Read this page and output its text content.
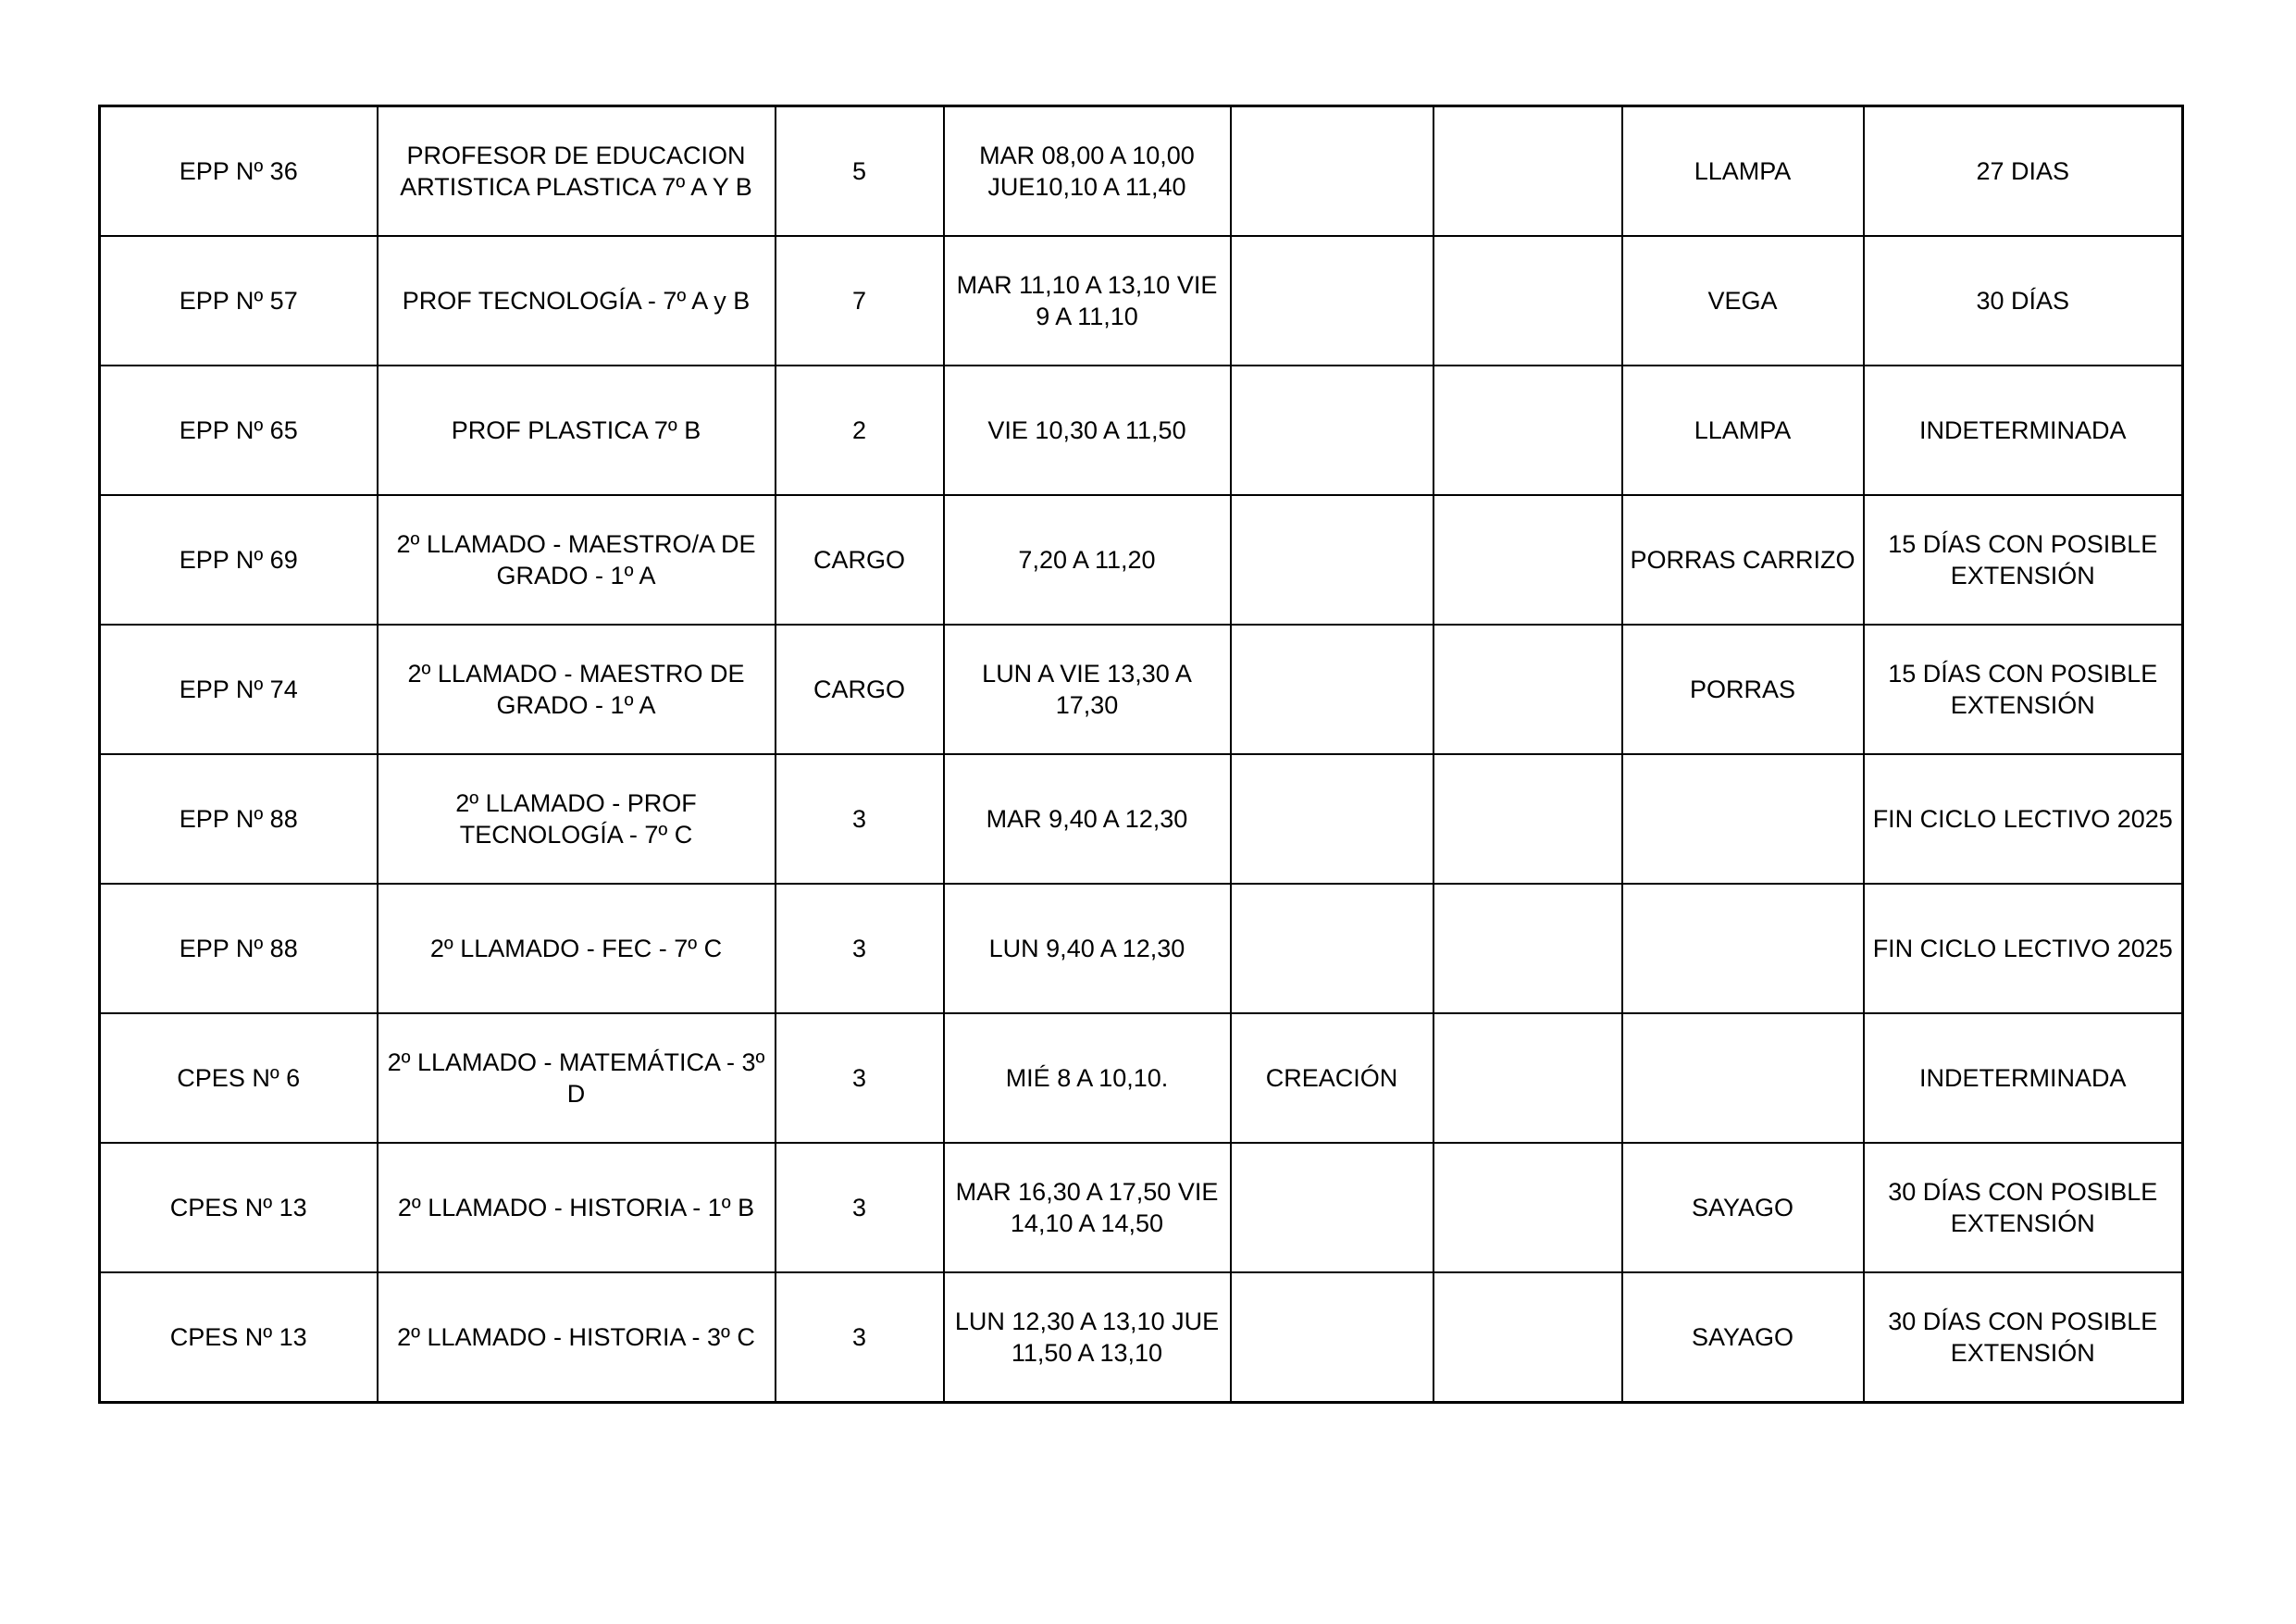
EPP Nº 36	PROFESOR DE EDUCACION ARTISTICA PLASTICA 7º A Y B	5	MAR 08,00 A 10,00 JUE10,10 A 11,40			LLAMPA	27 DIAS
EPP Nº 57	PROF TECNOLOGÍA - 7º A y B	7	MAR 11,10 A 13,10 VIE 9 A 11,10			VEGA	30 DÍAS
EPP Nº 65	PROF PLASTICA 7º B	2	VIE 10,30 A 11,50			LLAMPA	INDETERMINADA
EPP Nº 69	2º LLAMADO - MAESTRO/A DE GRADO - 1º A	CARGO	7,20 A 11,20			PORRAS CARRIZO	15 DÍAS CON POSIBLE EXTENSIÓN
EPP Nº 74	2º LLAMADO - MAESTRO DE GRADO - 1º A	CARGO	LUN A VIE 13,30 A 17,30			PORRAS	15 DÍAS CON POSIBLE EXTENSIÓN
EPP Nº 88	2º LLAMADO - PROF TECNOLOGÍA - 7º C	3	MAR 9,40 A 12,30				FIN CICLO LECTIVO 2025
EPP Nº 88	2º LLAMADO - FEC - 7º C	3	LUN 9,40 A 12,30				FIN CICLO LECTIVO 2025
CPES Nº 6	2º LLAMADO - MATEMÁTICA - 3º D	3	MIÉ 8 A 10,10.	CREACIÓN			INDETERMINADA
CPES Nº 13	2º LLAMADO - HISTORIA - 1º B	3	MAR 16,30 A 17,50 VIE 14,10 A 14,50			SAYAGO	30 DÍAS CON POSIBLE EXTENSIÓN
CPES Nº 13	2º LLAMADO - HISTORIA - 3º C	3	LUN 12,30 A 13,10 JUE 11,50 A 13,10			SAYAGO	30 DÍAS CON POSIBLE EXTENSIÓN
